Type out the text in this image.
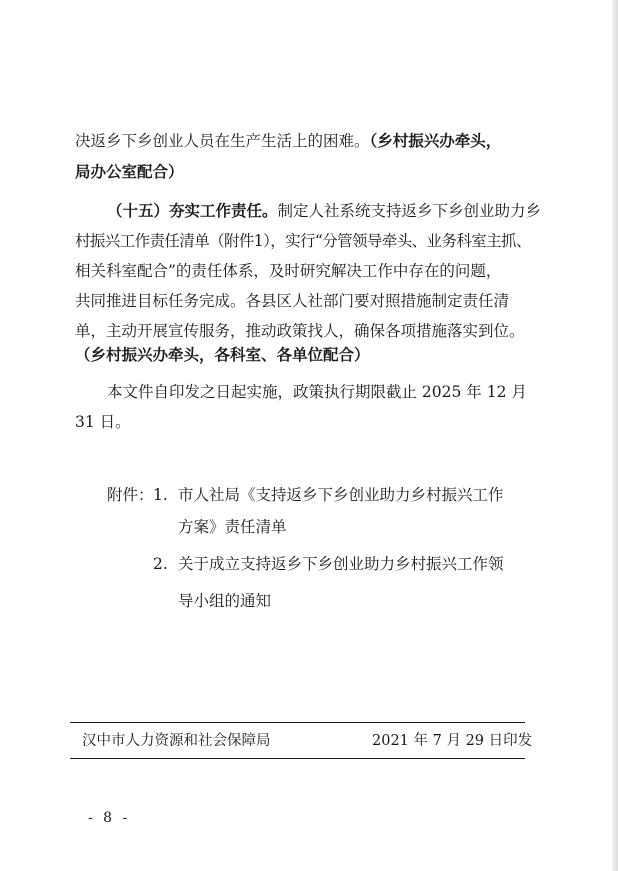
决返乡下乡创业人员在生产生活上的困难。（乡村振兴办牵头，
局办公室配合）
（十五）夯实工作责任。制定人社系统支持返乡下乡创业助力乡
村振兴工作责任清单（附件1），实行“分管领导牵头、业务科室主抓、
相关科室配合”的责任体系，及时研究解决工作中存在的问题，
共同推进目标任务完成。各县区人社部门要对照措施制定责任清
单，主动开展宣传服务，推动政策找人，确保各项措施落实到位。
（乡村振兴办牵头，各科室、各单位配合）
本文件自印发之日起实施，政策执行期限截止 2025 年 12 月
31 日。
附件： 1. 市人社局《支持返乡下乡创业助力乡村振兴工作
方案》责任清单
2. 关于成立支持返乡下乡创业助力乡村振兴工作领
导小组的通知
汉中市人力资源和社会保障局	2021 年 7 月 29 日印发
- 8 -
